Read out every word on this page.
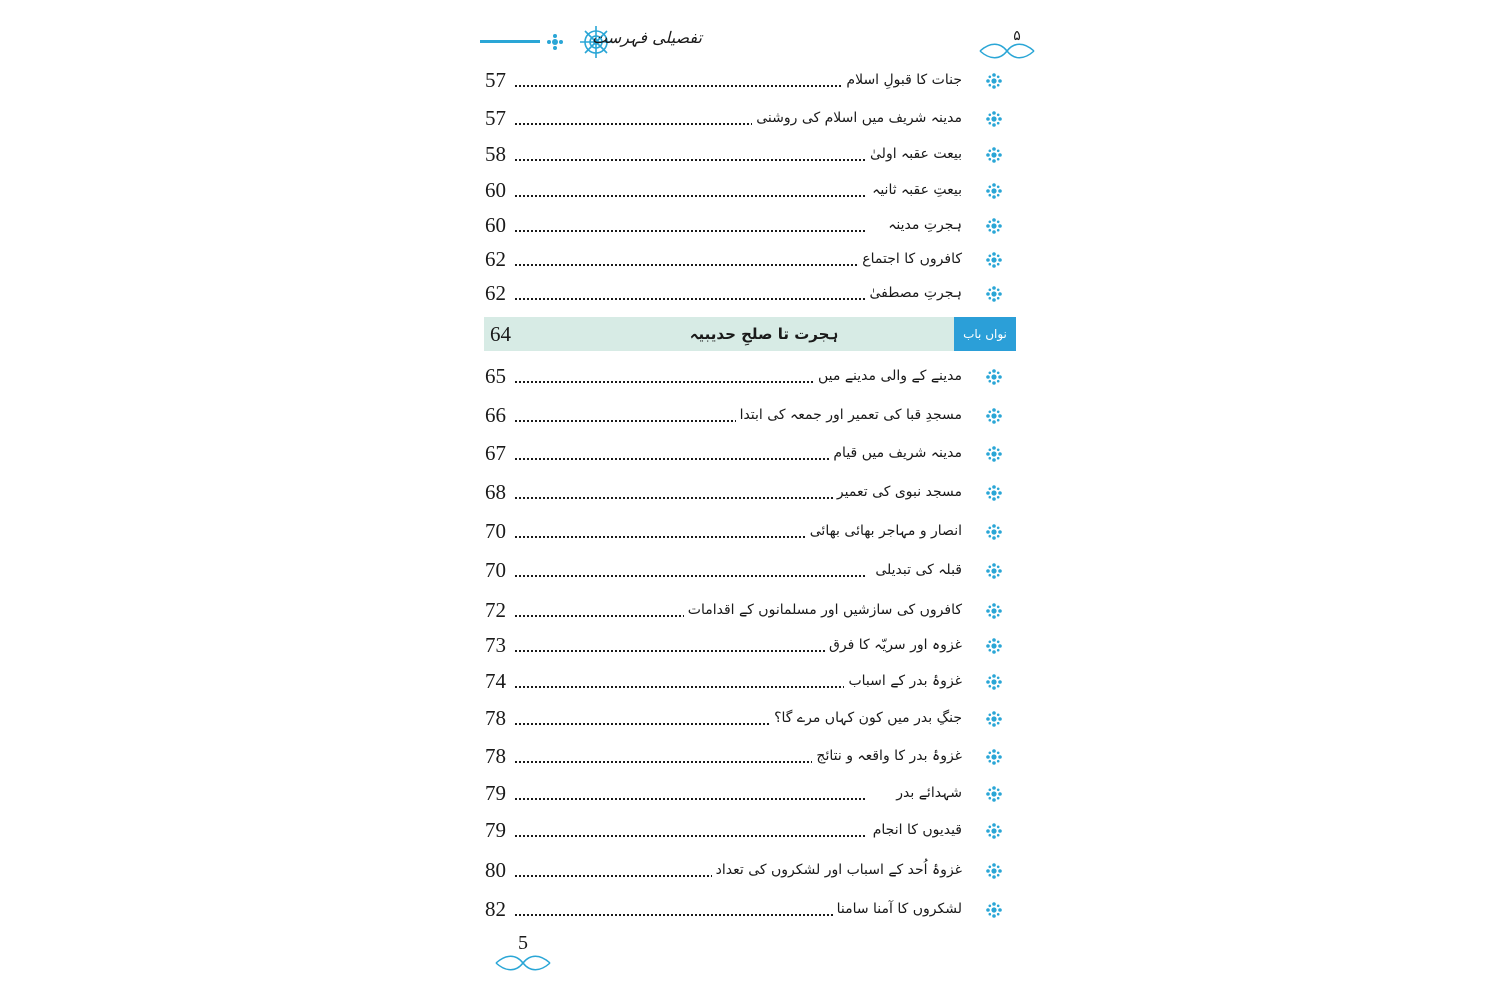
تفصیلی فہرست	۵
57	جنات کا قبولِ اسلام
57	مدینہ شریف میں اسلام کی روشنی
58	بیعت عقبہ اولیٰ
60	بیعتِ عقبہ ثانیہ
60	ہجرتِ مدینہ
62	کافروں کا اجتماع
62	ہجرتِ مصطفیٰ
64	ہجرت تا صلحِ حدیبیہ	نواں باب
65	مدینے کے والی مدینے میں
66	مسجدِ قبا کی تعمیر اور جمعہ کی ابتدا
67	مدینہ شریف میں قیام
68	مسجد نبوی کی تعمیر
70	انصار و مہاجر بھائی بھائی
70	قبلہ کی تبدیلی
72	کافروں کی سازشیں اور مسلمانوں کے اقدامات
73	غزوہ اور سریّہ کا فرق
74	غزوۂ بدر کے اسباب
78	جنگِ بدر میں کون کہاں مرے گا؟
78	غزوۂ بدر کا واقعہ و نتائج
79	شہدائے بدر
79	قیدیوں کا انجام
80	غزوۂ اُحد کے اسباب اور لشکروں کی تعداد
82	لشکروں کا آمنا سامنا
5
